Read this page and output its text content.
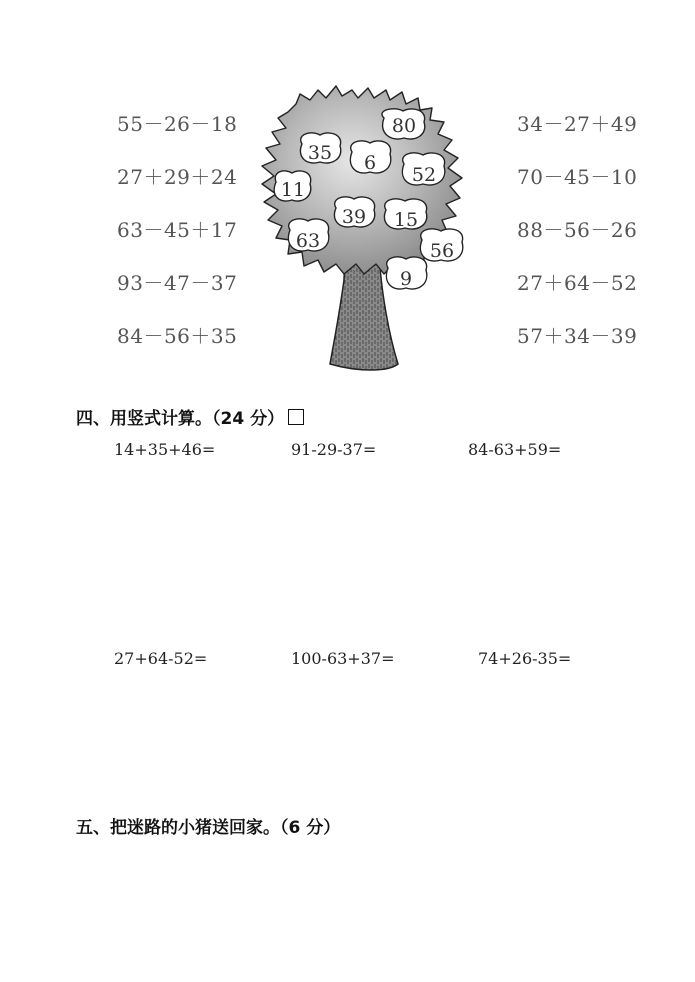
55－26－18
27＋29＋24
63－45＋17
93－47－37
84－56＋35
34－27＋49
70－45－10
88－56－26
27＋64－52
57＋34－39
80
35 6
52
11
39 15
63	56
9
四、用竖式计算。（24 分）
14+35+46=	91-29-37=	84-63+59=
27+64-52=	100-63+37=	74+26-35=
五、把迷路的小猪送回家。（6 分）
